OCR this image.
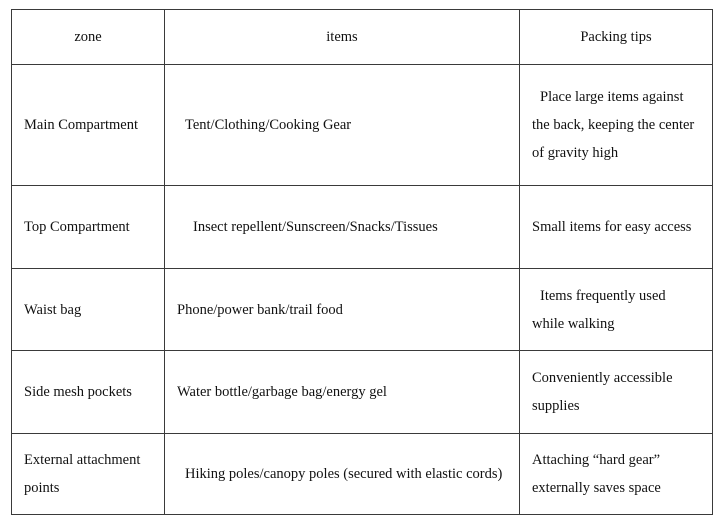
zone	items	Packing tips
Main Compartment	Tent/Clothing/Cooking Gear	Place large items against the back, keeping the center of gravity high
Top Compartment	Insect repellent/Sunscreen/Snacks/Tissues	Small items for easy access
Waist bag	Phone/power bank/trail food	Items frequently used while walking
Side mesh pockets	Water bottle/garbage bag/energy gel	Conveniently accessible supplies
External attachment points	Hiking poles/canopy poles (secured with elastic cords)	Attaching “hard gear” externally saves space
